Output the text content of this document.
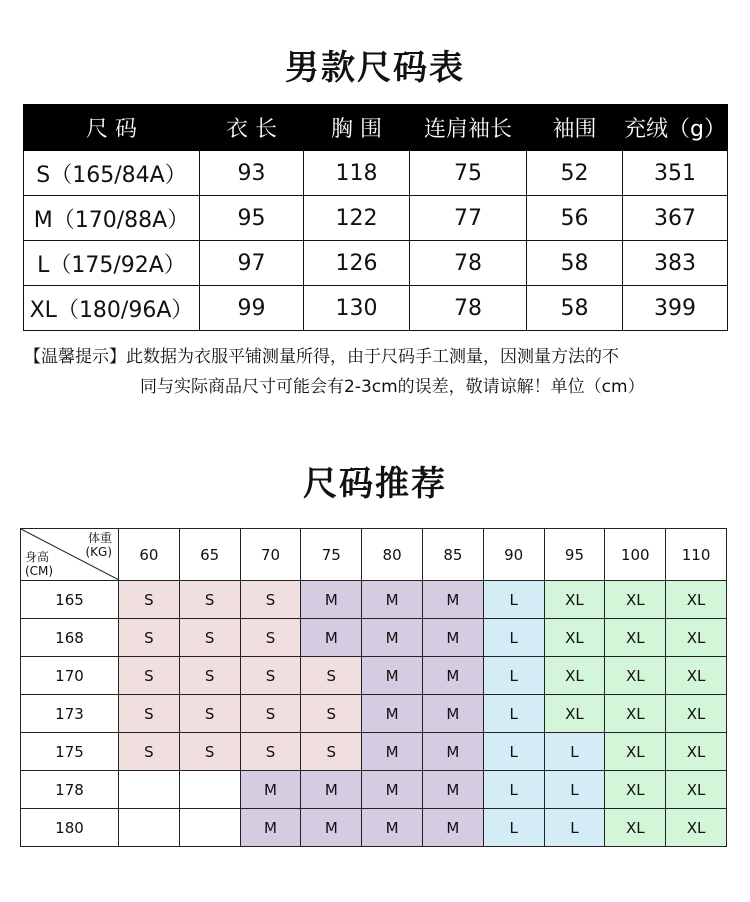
男款尺码表
尺 码	衣 长	胸 围	连肩袖长	袖围	充绒（g）
S（165/84A）	93	118	75	52	351
M（170/88A）	95	122	77	56	367
L（175/92A）	97	126	78	58	383
XL（180/96A）	99	130	78	58	399
【温馨提示】此数据为衣服平铺测量所得，由于尺码手工测量，因测量方法的不
同与实际商品尺寸可能会有2-3cm的误差，敬请谅解！单位（cm）
尺码推荐
体重
(KG)
身高
(CM)	60	65	70	75	80	85	90	95	100	110
165	S	S	S	M	M	M	L	XL	XL	XL
168	S	S	S	M	M	M	L	XL	XL	XL
170	S	S	S	S	M	M	L	XL	XL	XL
173	S	S	S	S	M	M	L	XL	XL	XL
175	S	S	S	S	M	M	L	L	XL	XL
178			M	M	M	M	L	L	XL	XL
180			M	M	M	M	L	L	XL	XL
